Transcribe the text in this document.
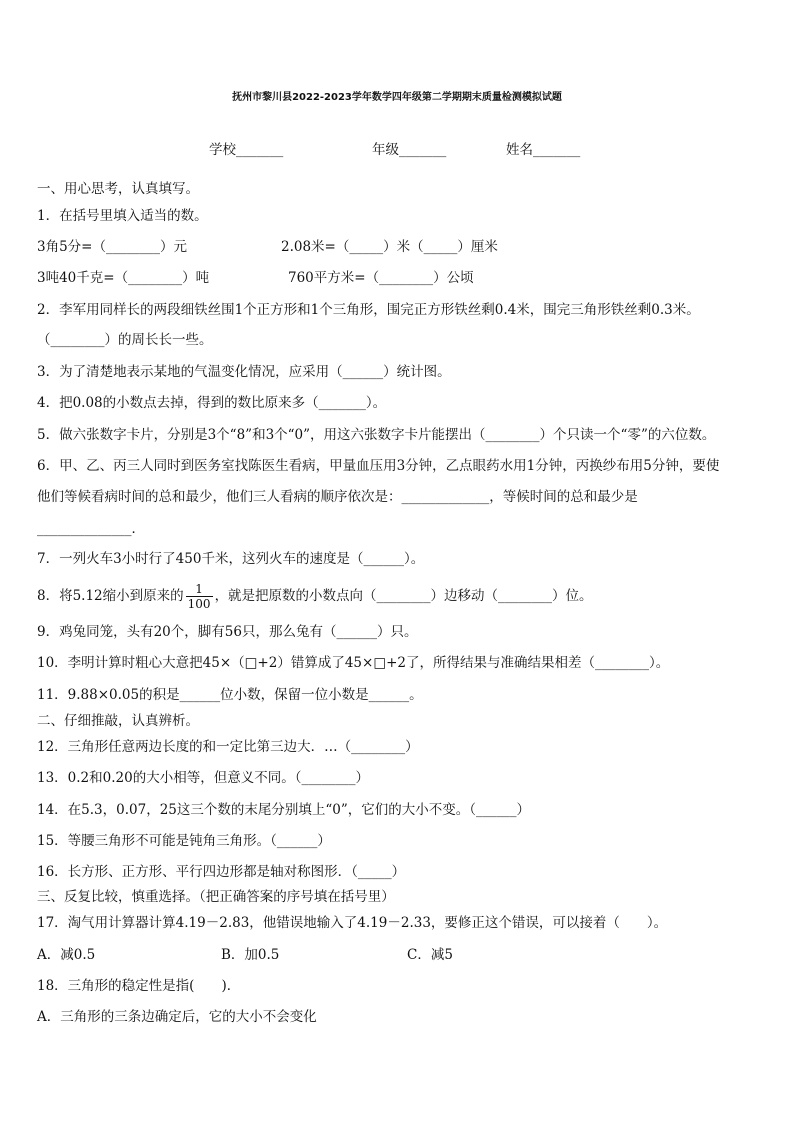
抚州市黎川县2022-2023学年数学四年级第二学期期末质量检测模拟试题
学校_______	年级_______	姓名_______
一、用心思考，认真填写。
1．在括号里填入适当的数。
3角5分=（________）元	2.08米=（_____）米（_____）厘米
3吨40千克=（________）吨	760平方米=（________）公顷
2．李军用同样长的两段细铁丝围1个正方形和1个三角形，围完正方形铁丝剩0.4米，围完三角形铁丝剩0.3米。
（________）的周长长一些。
3．为了清楚地表示某地的气温变化情况，应采用（______）统计图。
4．把0.08的小数点去掉，得到的数比原来多（_______）。
5．做六张数字卡片，分别是3个“8”和3个“0”，用这六张数字卡片能摆出（________）个只读一个“零”的六位数。
6．甲、乙、丙三人同时到医务室找陈医生看病，甲量血压用3分钟，乙点眼药水用1分钟，丙换纱布用5分钟，要使
他们等候看病时间的总和最少，他们三人看病的顺序依次是：_____________，等候时间的总和最少是
______________．
7．一列火车3小时行了450千米，这列火车的速度是（______）。
8．将5.12缩小到原来的 $\frac{1}{100}$ ，就是把原数的小数点向（________）边移动（________）位。
9．鸡兔同笼，头有20个，脚有56只，那么兔有（______）只。
10．李明计算时粗心大意把45×（□+2）错算成了45×□+2了，所得结果与准确结果相差（________）。
11．9.88×0.05的积是______位小数，保留一位小数是______。
二、仔细推敲，认真辨析。
12．三角形任意两边长度的和一定比第三边大．…（________）
13．0.2和0.20的大小相等，但意义不同。（________）
14．在5.3，0.07，25这三个数的末尾分别填上“0”，它们的大小不变。（______）
15．等腰三角形不可能是钝角三角形。（______）
16．长方形、正方形、平行四边形都是轴对称图形．（_____）
三、反复比较，慎重选择。（把正确答案的序号填在括号里）
17．淘气用计算器计算4.19－2.83，他错误地输入了4.19－2.33，要修正这个错误，可以接着（　　）。
A．减0.5	B．加0.5	C．减5
18．三角形的稳定性是指(　　)．
A．三角形的三条边确定后，它的大小不会变化
